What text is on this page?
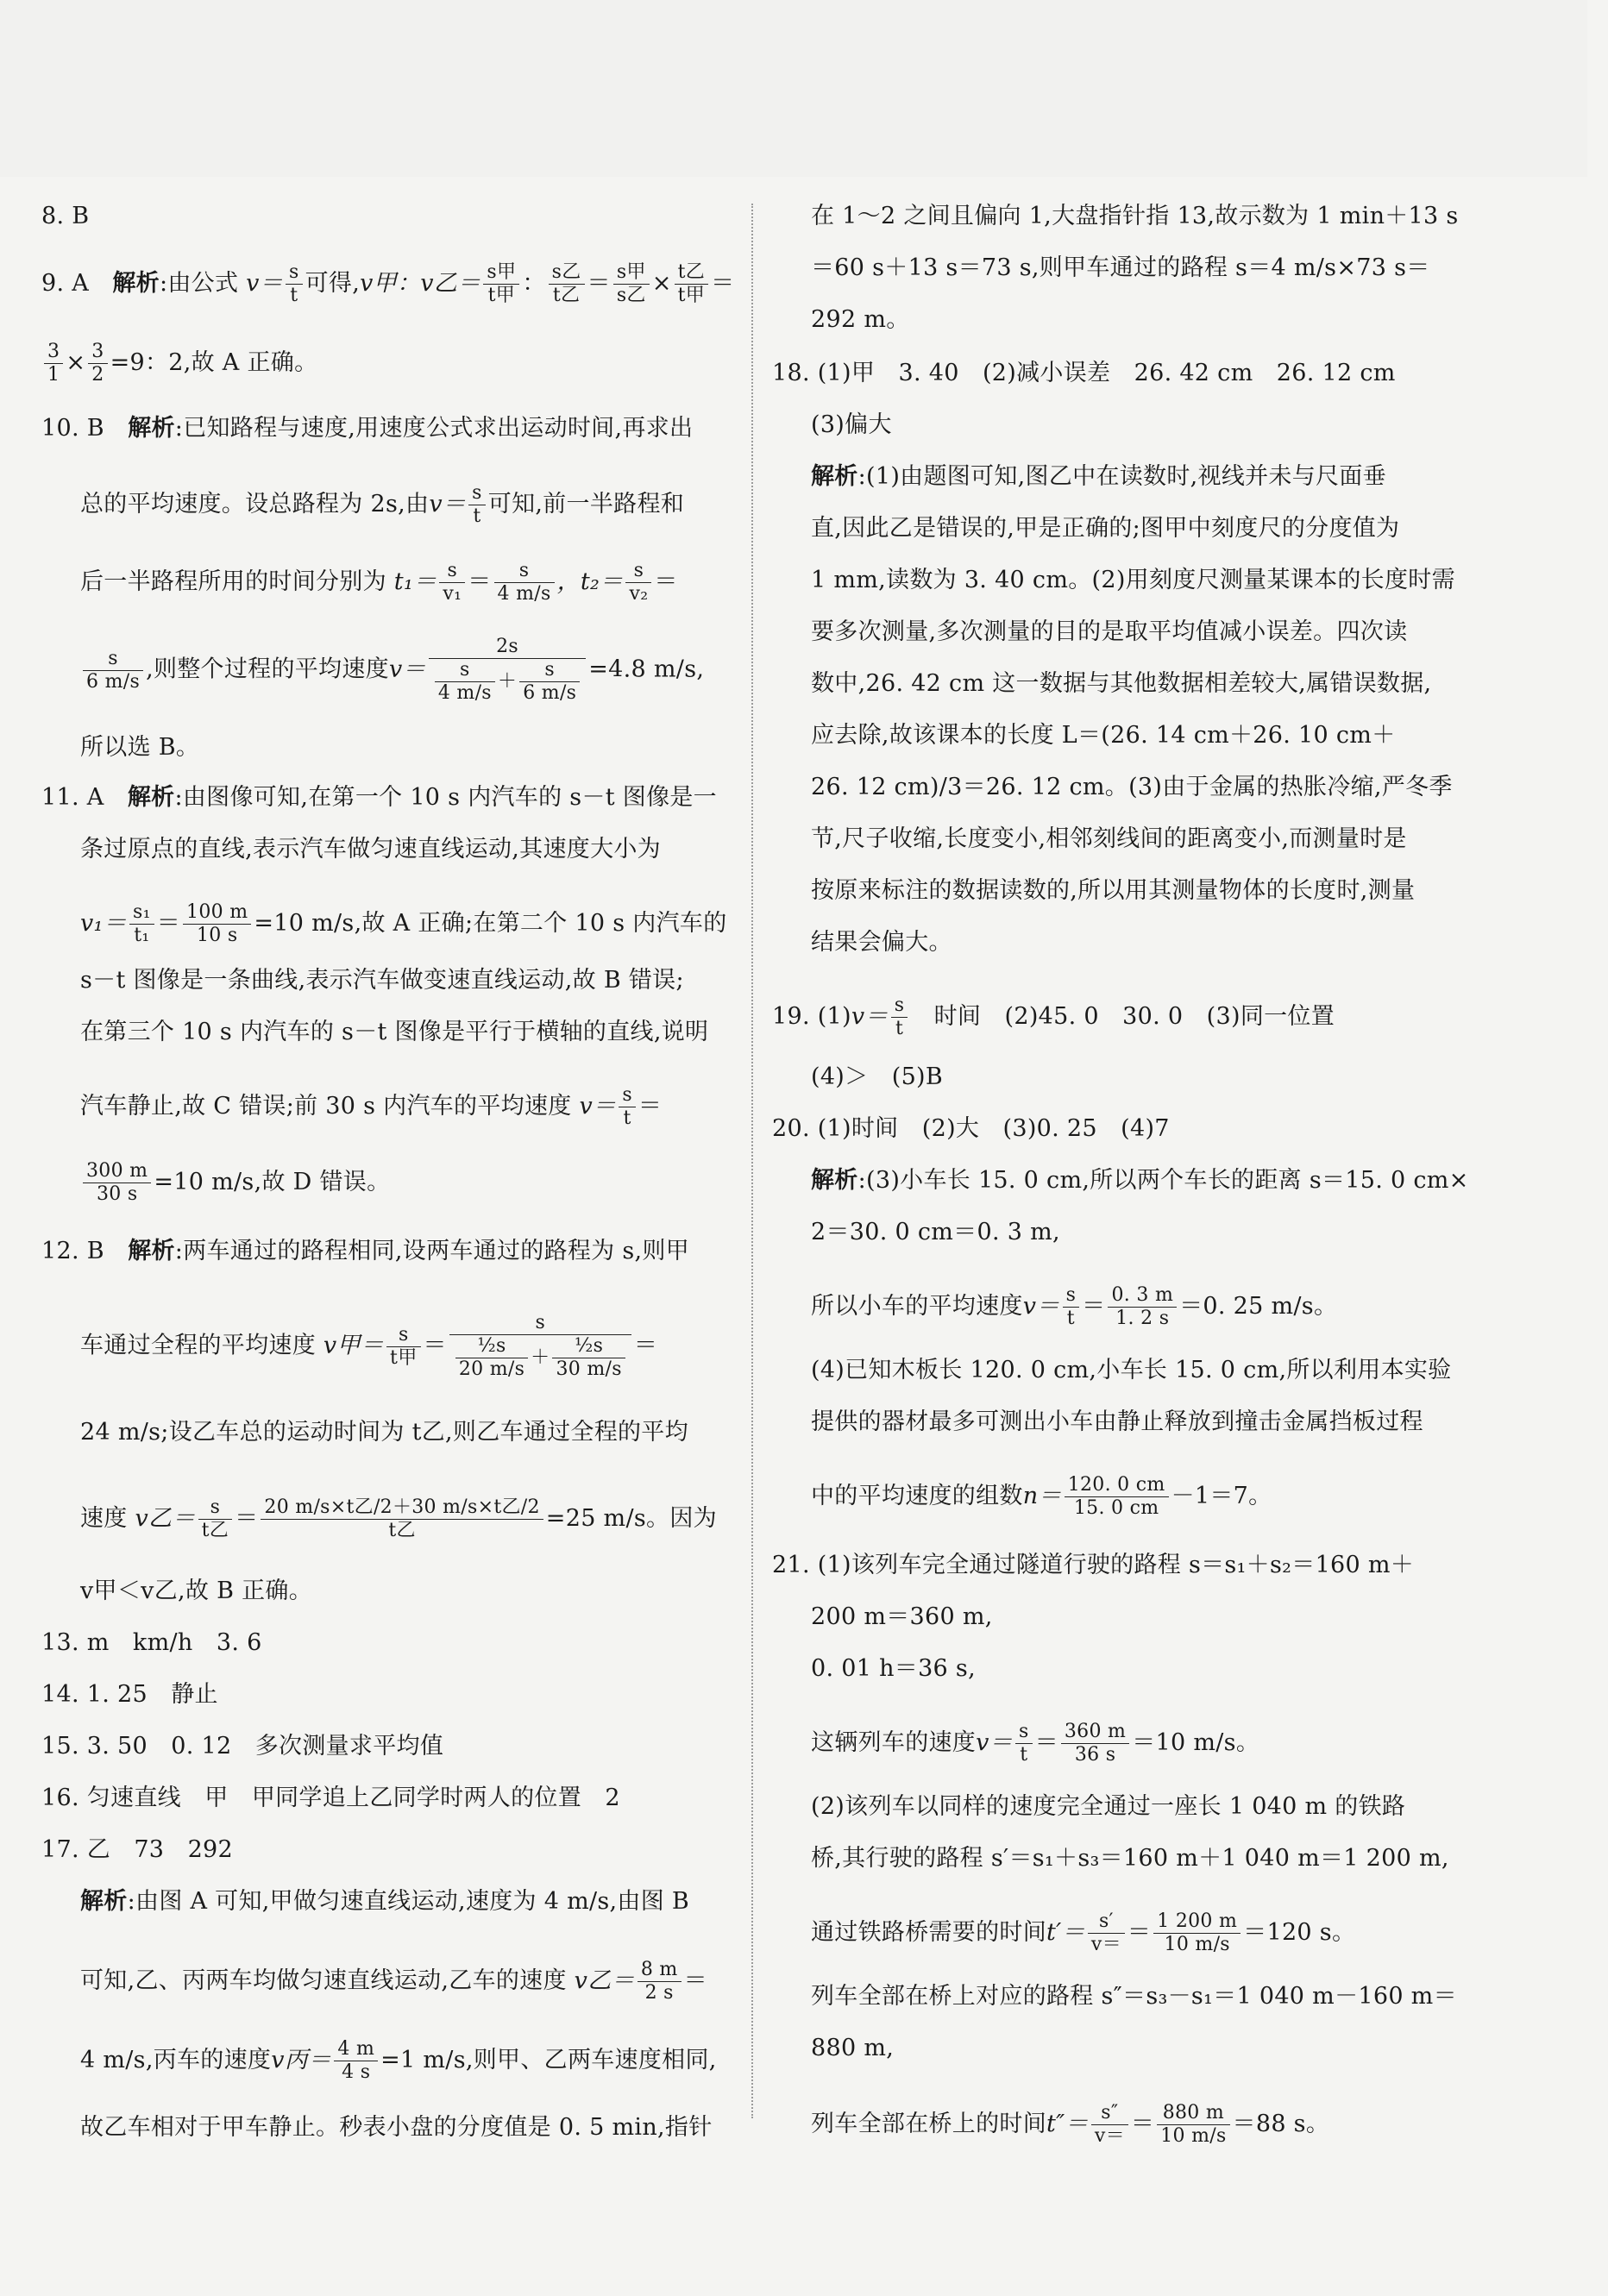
8. B
9. A　 解析:由公式 $v= \frac{s}{t}$ 可得,v甲：v乙＝ $\frac{\text{s甲}}{\text{t甲}}$ ： $\frac{\text{s乙}}{\text{t乙}} = \frac{\text{s甲}}{\text{s乙}} \times \frac{\text{t乙}}{\text{t甲}}$ ＝
$\frac{3}{1} \times \frac{3}{2} =9$：2,故 A 正确。
10. B　 解析:已知路程与速度,用速度公式求出运动时间,再求出
总的平均速度。设总路程为 2s,由$v= \frac{s}{t}$ 可知,前一半路程和
后一半路程所用的时间分别为 $t_1= \frac{s}{\text{v₁}} = \frac{s}{4 m/s}$ ，$t_2= \frac{s}{\text{v₂}}$ ＝
$\frac{s}{6 m/s}$ ,则整个过程的平均速度$v= \frac{2s}{\frac{s}{4 m/s} + \frac{s}{6 m/s}} =4.8$ m/s,
所以选 B。
11. A　 解析:由图像可知,在第一个 10 s 内汽车的 s－t 图像是一
条过原点的直线,表示汽车做匀速直线运动,其速度大小为
$v_1= \frac{\text{s₁}}{\text{t₁}} = \frac{100 m}{10 s} =10$ m/s,故 A 正确;在第二个 10 s 内汽车的
s－t 图像是一条曲线,表示汽车做变速直线运动,故 B 错误;
在第三个 10 s 内汽车的 s－t 图像是平行于横轴的直线,说明
汽车静止,故 C 错误;前 30 s 内汽车的平均速度 $v= \frac{s}{t}$ ＝
$\frac{300 m}{30 s} =10$ m/s,故 D 错误。
12. B　 解析:两车通过的路程相同,设两车通过的路程为 s,则甲
车通过全程的平均速度 v甲＝ $\frac{s}{\text{t甲}} = \frac{s}{\frac{\text{½s}}{20 m/s} + \frac{\text{½s}}{30 m/s}}$ ＝
24 m/s;设乙车总的运动时间为 t乙,则乙车通过全程的平均
速度 v乙＝ $\frac{s}{\text{t乙}} = \frac{\text{20 m/s×t乙/2＋30 m/s×t乙/2}}{\text{t乙}} =25$ m/s。因为
v甲＜v乙,故 B 正确。
13. m　km/h　3. 6
14. 1. 25　静止
15. 3. 50　0. 12　多次测量求平均值
16. 匀速直线　甲　甲同学追上乙同学时两人的位置　2
17. 乙　73　292
解析:由图 A 可知,甲做匀速直线运动,速度为 4 m/s,由图 B
可知,乙、丙两车均做匀速直线运动,乙车的速度 v乙＝ $\frac{8 m}{2 s}$ ＝
4 m/s,丙车的速度v丙＝ $\frac{4 m}{4 s} =1$ m/s,则甲、乙两车速度相同,
故乙车相对于甲车静止。秒表小盘的分度值是 0. 5 min,指针
在 1～2 之间且偏向 1,大盘指针指 13,故示数为 1 min＋13 s
＝60 s＋13 s＝73 s,则甲车通过的路程 s＝4 m/s×73 s＝
292 m。
18. (1)甲　3. 40　(2)减小误差　26. 42 cm　26. 12 cm
(3)偏大
解析:(1)由题图可知,图乙中在读数时,视线并未与尺面垂
直,因此乙是错误的,甲是正确的;图甲中刻度尺的分度值为
1 mm,读数为 3. 40 cm。(2)用刻度尺测量某课本的长度时需
要多次测量,多次测量的目的是取平均值减小误差。四次读
数中,26. 42 cm 这一数据与其他数据相差较大,属错误数据,
应去除,故该课本的长度 L＝(26. 14 cm＋26. 10 cm＋
26. 12 cm)/3＝26. 12 cm。(3)由于金属的热胀冷缩,严冬季
节,尺子收缩,长度变小,相邻刻线间的距离变小,而测量时是
按原来标注的数据读数的,所以用其测量物体的长度时,测量
结果会偏大。
19. $(1)v= \frac{s}{t}$ 　时间　(2)45. 0　30. 0　(3)同一位置
(4)＞　(5)B
20. (1)时间　(2)大　(3)0. 25　(4)7
解析:(3)小车长 15. 0 cm,所以两个车长的距离 s＝15. 0 cm×
2＝30. 0 cm＝0. 3 m,
所以小车的平均速度$v= \frac{s}{t} = \frac{0. 3 m}{1. 2 s} =0$. 25 m/s。
(4)已知木板长 120. 0 cm,小车长 15. 0 cm,所以利用本实验
提供的器材最多可测出小车由静止释放到撞击金属挡板过程
中的平均速度的组数$n= \frac{120. 0 cm}{15. 0 cm} -1=7$。
21. (1)该列车完全通过隧道行驶的路程 s＝s₁＋s₂＝160 m＋
200 m＝360 m,
0. 01 h＝36 s,
这辆列车的速度$v= \frac{s}{t} = \frac{360 m}{36 s} =10$ m/s。
(2)该列车以同样的速度完全通过一座长 1 040 m 的铁路
桥,其行驶的路程 s′＝s₁＋s₃＝160 m＋1 040 m＝1 200 m,
通过铁路桥需要的时间$t'= \frac{s'}{v=} = \frac{1 200 m}{10 m/s} =120$ s。
列车全部在桥上对应的路程 s″＝s₃－s₁＝1 040 m－160 m＝
880 m,
列车全部在桥上的时间$t''= \frac{s''}{v=} = \frac{880 m}{10 m/s} =88$ s。
